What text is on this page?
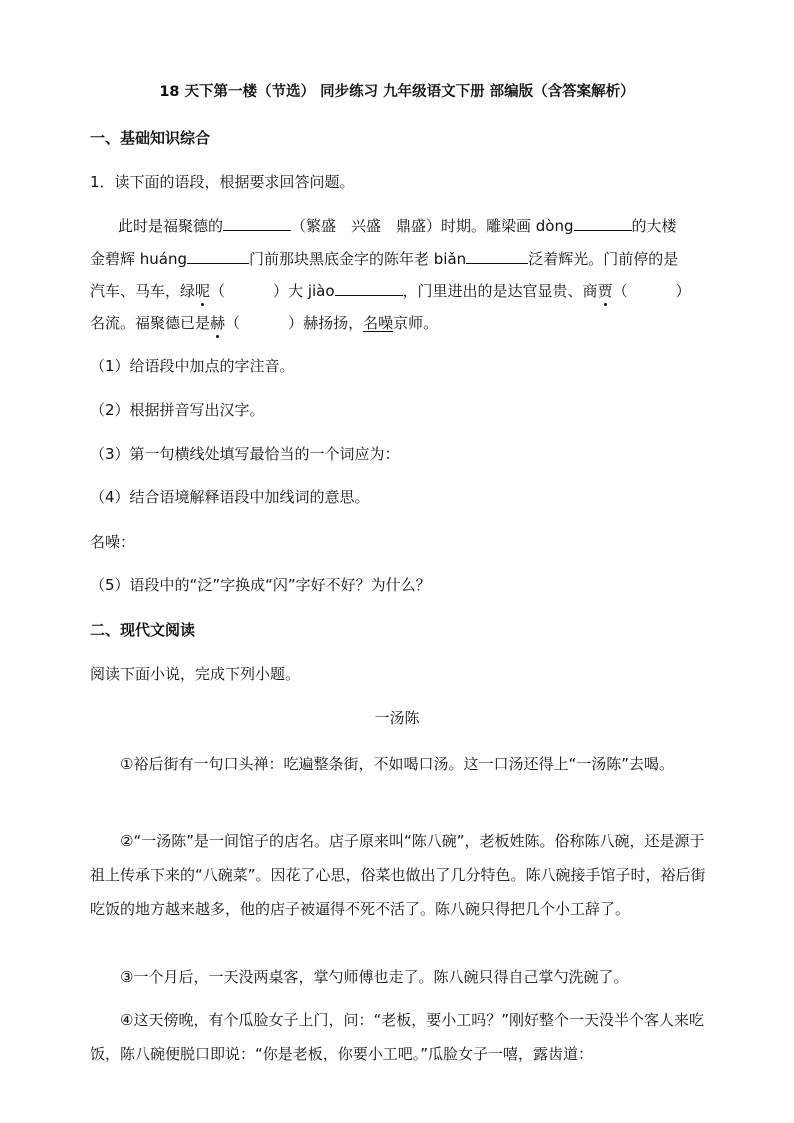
18 天下第一楼（节选） 同步练习 九年级语文下册 部编版（含答案解析）
一、基础知识综合
1．读下面的语段，根据要求回答问题。
此时是福聚德的	（繁盛　兴盛　鼎盛）时期。雕梁画 dòng	的大楼
金碧辉 huáng	门前那块黑底金字的陈年老 biǎn	泛着辉光。门前停的是
汽车、马车，绿呢（	）大 jiào	，门里进出的是达官显贵、商贾（	）
名流。福聚德已是赫（	）赫扬扬，名噪京师。
（1）给语段中加点的字注音。
（2）根据拼音写出汉字。
（3）第一句横线处填写最恰当的一个词应为：
（4）结合语境解释语段中加线词的意思。
名噪：
（5）语段中的“泛”字换成“闪”字好不好？为什么？
二、现代文阅读
阅读下面小说，完成下列小题。
一汤陈
①裕后街有一句口头禅：吃遍整条街，不如喝口汤。这一口汤还得上“一汤陈”去喝。
②“一汤陈”是一间馆子的店名。店子原来叫“陈八碗”，老板姓陈。俗称陈八碗，还是源于祖上传承下来的“八碗菜”。因花了心思，俗菜也做出了几分特色。陈八碗接手馆子时，裕后街吃饭的地方越来越多，他的店子被逼得不死不活了。陈八碗只得把几个小工辞了。
③一个月后，一天没两桌客，掌勺师傅也走了。陈八碗只得自己掌勺洗碗了。
④这天傍晚，有个瓜脸女子上门，问：“老板，要小工吗？”刚好整个一天没半个客人来吃饭，陈八碗便脱口即说：“你是老板，你要小工吧。”瓜脸女子一嘻，露齿道：
